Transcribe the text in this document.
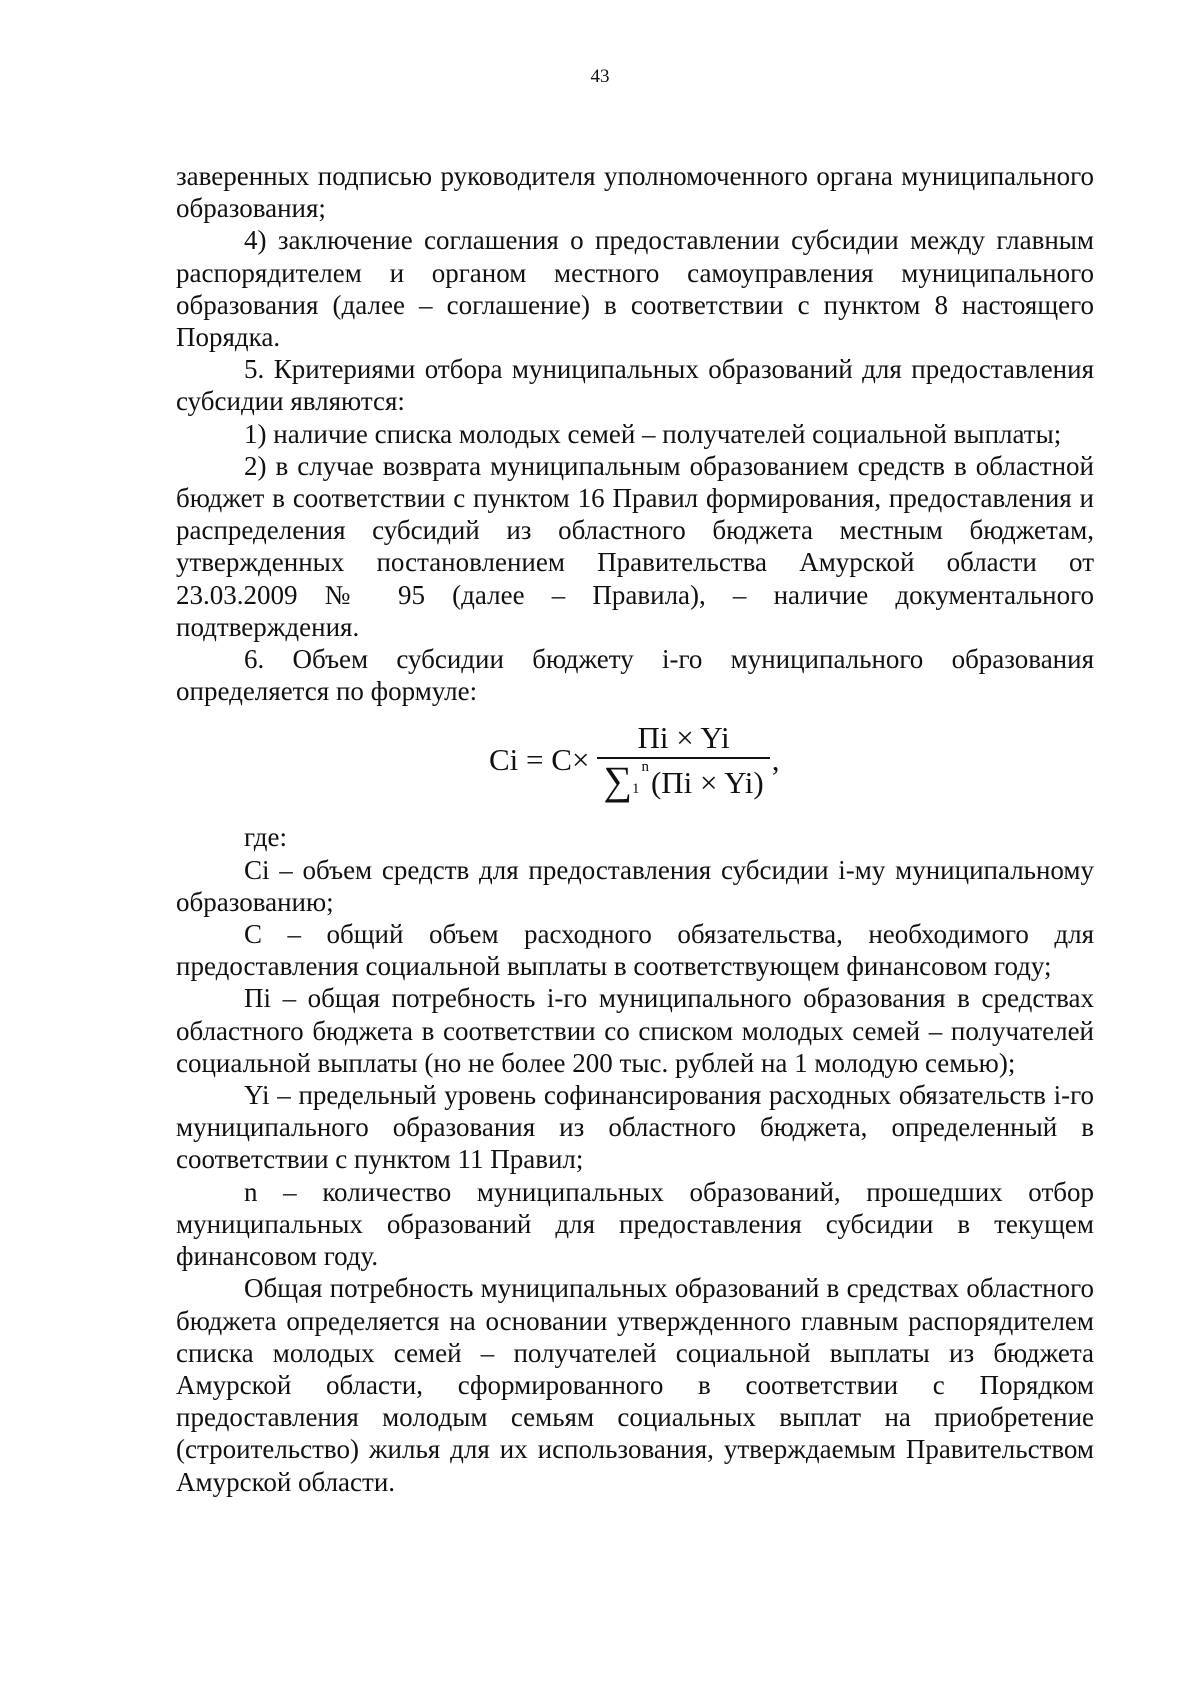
43

заверенных подписью руководителя уполномоченного органа муниципального образования;

4) заключение соглашения о предоставлении субсидии между главным распорядителем и органом местного самоуправления муниципального образования (далее – соглашение) в соответствии с пунктом 8 настоящего Порядка.

5. Критериями отбора муниципальных образований для предоставления субсидии являются:

1) наличие списка молодых семей – получателей социальной выплаты;

2) в случае возврата муниципальным образованием средств в областной бюджет в соответствии с пунктом 16 Правил формирования, предоставления и распределения субсидий из областного бюджета местным бюджетам, утвержденных постановлением Правительства Амурской области от 23.03.2009 № 95 (далее – Правила), – наличие документального подтверждения.

6. Объем субсидии бюджету i-го муниципального образования определяется по формуле:

Ci = C× Пi × Yi
∑ 1
n (Пi × Yi) ,

где:

Ci – объем средств для предоставления субсидии i-му муниципальному образованию;

C – общий объем расходного обязательства, необходимого для предоставления социальной выплаты в соответствующем финансовом году;

Пi – общая потребность i-го муниципального образования в средствах областного бюджета в соответствии со списком молодых семей – получателей социальной выплаты (но не более 200 тыс. рублей на 1 молодую семью);

Yi – предельный уровень софинансирования расходных обязательств i-го муниципального образования из областного бюджета, определенный в соответствии с пунктом 11 Правил;

n – количество муниципальных образований, прошедших отбор муниципальных образований для предоставления субсидии в текущем финансовом году.

Общая потребность муниципальных образований в средствах областного бюджета определяется на основании утвержденного главным распорядителем списка молодых семей – получателей социальной выплаты из бюджета Амурской области, сформированного в соответствии с Порядком предоставления молодым семьям социальных выплат на приобретение (строительство) жилья для их использования, утверждаемым Правительством Амурской области.
